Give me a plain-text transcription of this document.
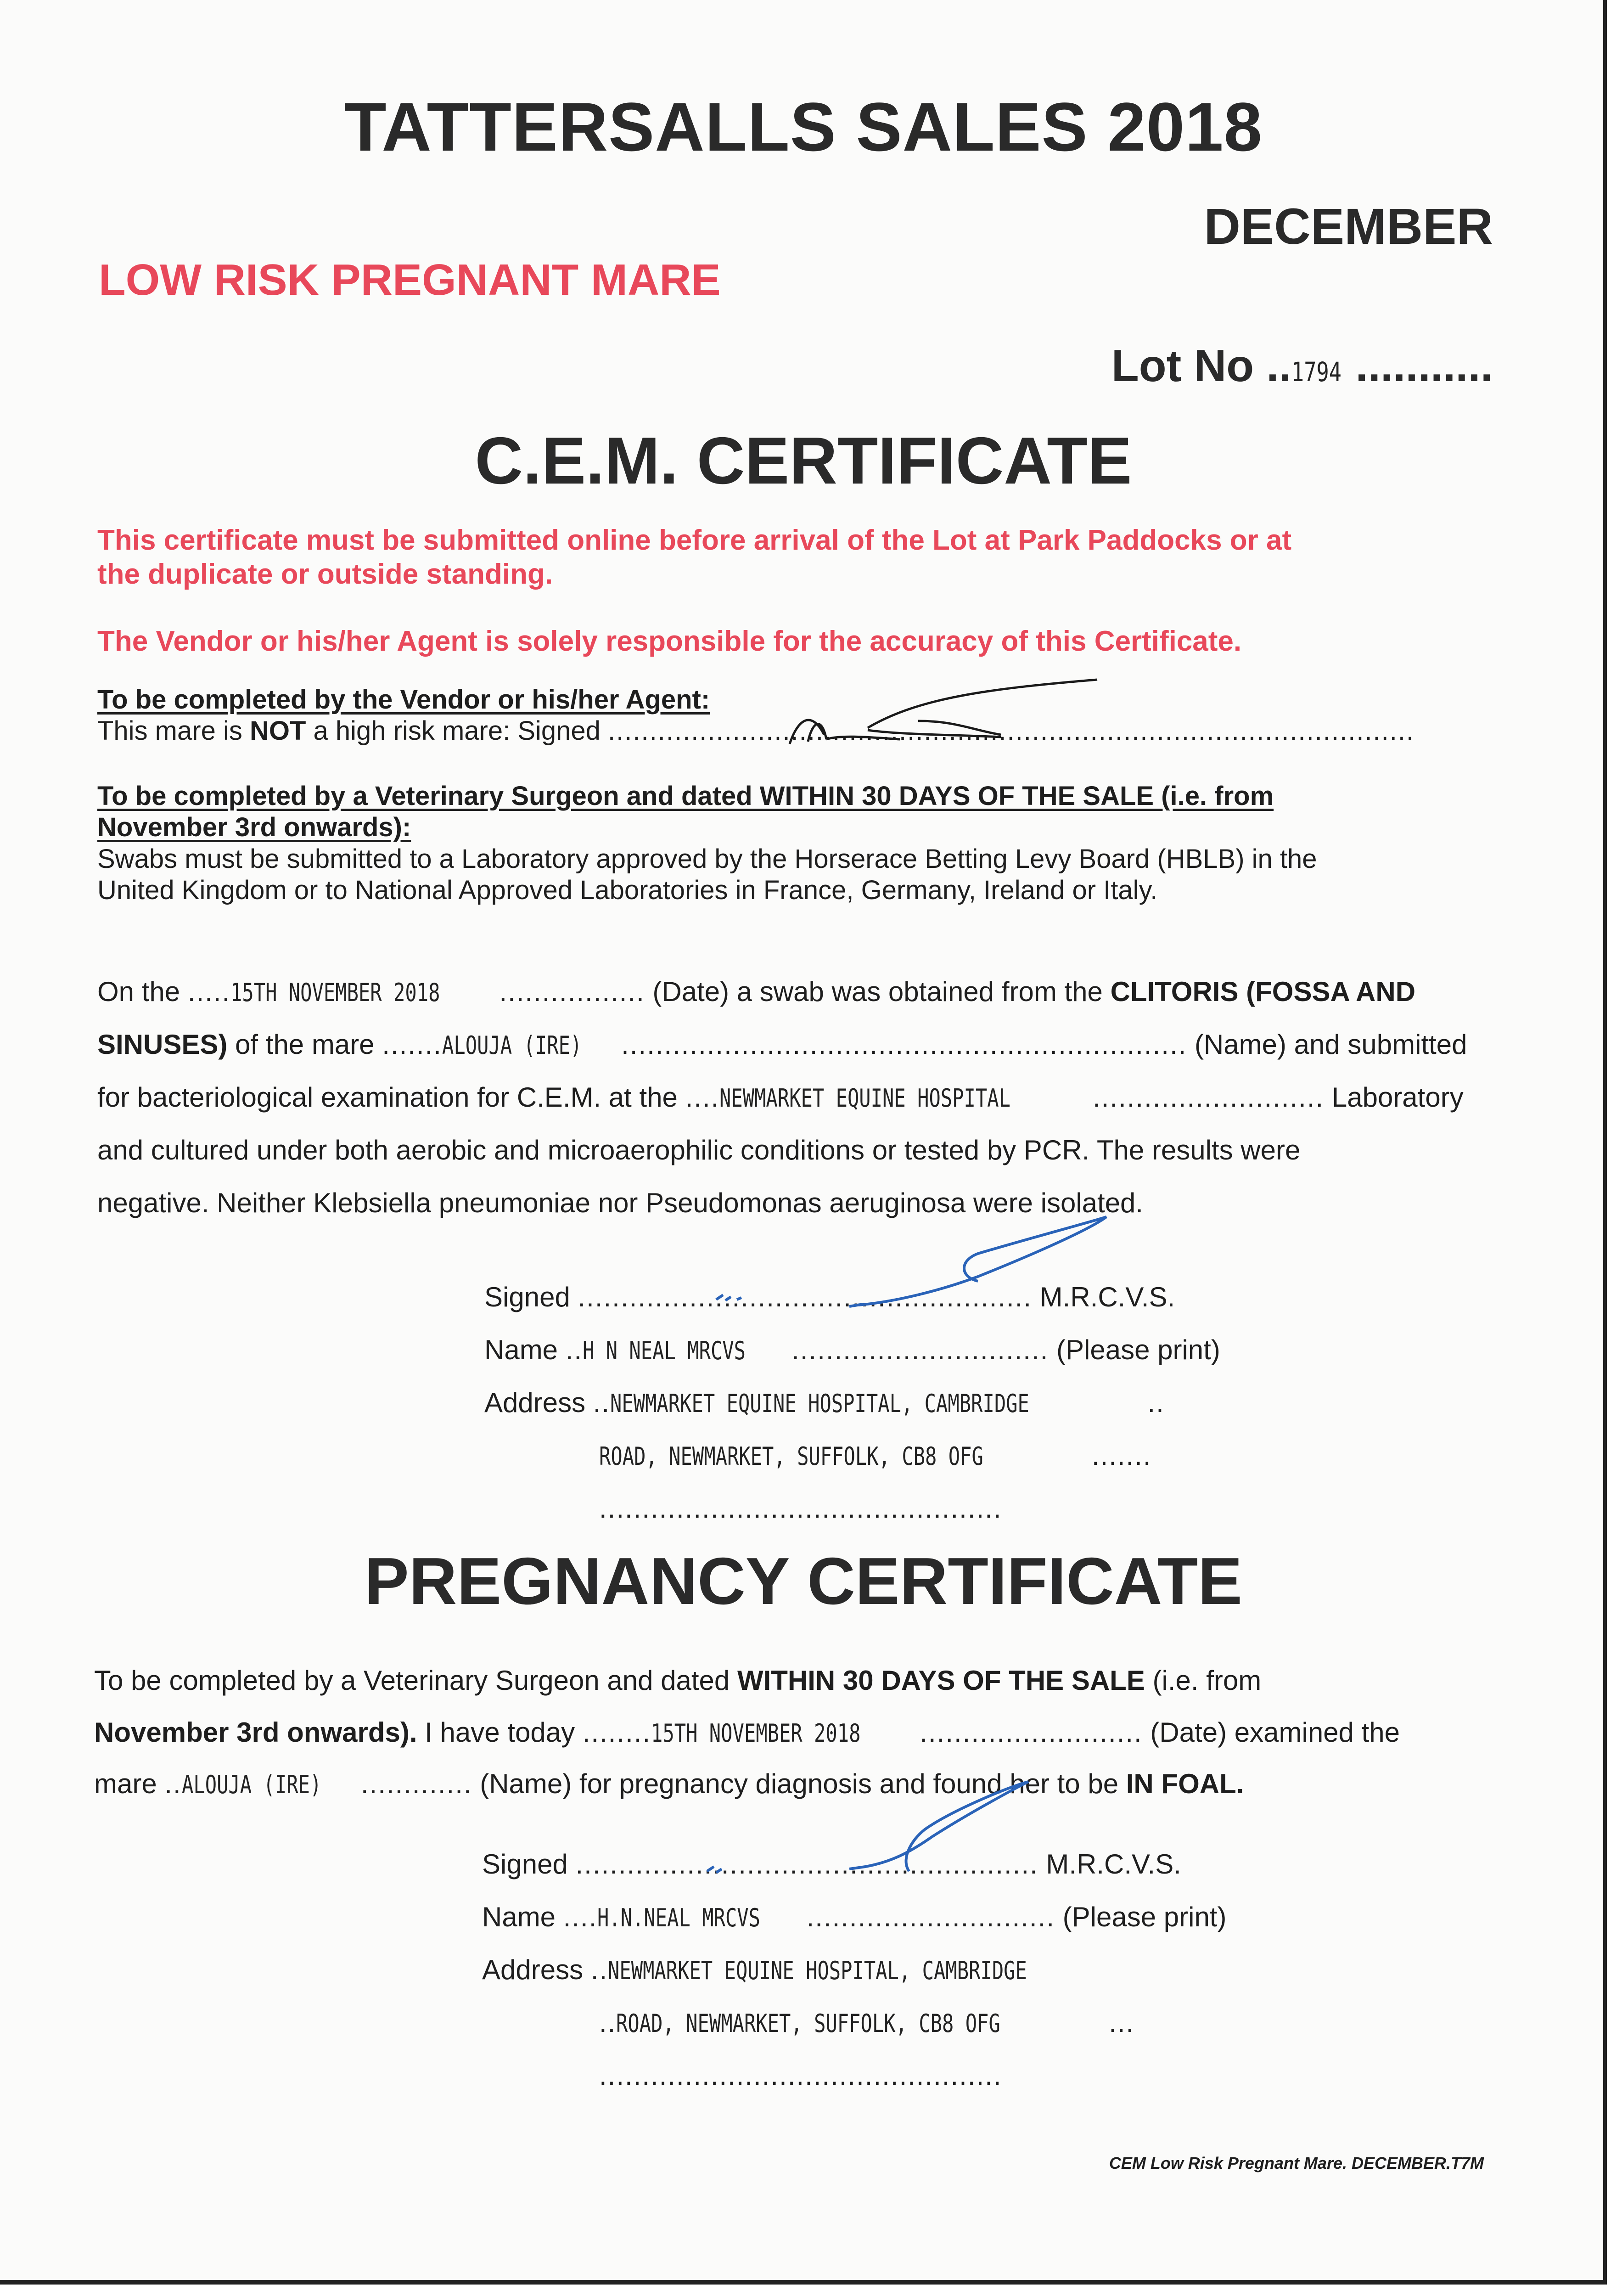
TATTERSALLS SALES 2018
DECEMBER
LOW RISK PREGNANT MARE
Lot No ..1794 ...........
C.E.M. CERTIFICATE
This certificate must be submitted online before arrival of the Lot at Park Paddocks or at
the duplicate or outside standing.
The Vendor or his/her Agent is solely responsible for the accuracy of this Certificate.
To be completed by the Vendor or his/her Agent:
This mare is NOT a high risk mare: Signed .................................................................................................
To be completed by a Veterinary Surgeon and dated WITHIN 30 DAYS OF THE SALE (i.e. from
November 3rd onwards):
Swabs must be submitted to a Laboratory approved by the Horserace Betting Levy Board (HBLB) in the
United Kingdom or to National Approved Laboratories in France, Germany, Ireland or Italy.
On the .....15TH NOVEMBER 2018 ................. (Date) a swab was obtained from the CLITORIS (FOSSA AND
SINUSES) of the mare .......ALOUJA (IRE) .................................................................. (Name) and submitted
for bacteriological examination for C.E.M. at the ....NEWMARKET EQUINE HOSPITAL	........................... Laboratory
and cultured under both aerobic and microaerophilic conditions or tested by PCR. The results were
negative. Neither Klebsiella pneumoniae nor Pseudomonas aeruginosa were isolated.
Signed ..................................................... M.R.C.V.S.
Name ..H N NEAL MRCVS .............................. (Please print)
Address ..NEWMARKET EQUINE HOSPITAL, CAMBRIDGE	..
ROAD, NEWMARKET, SUFFOLK, CB8 OFG	.......
...............................................
PREGNANCY CERTIFICATE
To be completed by a Veterinary Surgeon and dated WITHIN 30 DAYS OF THE SALE (i.e. from
November 3rd onwards). I have today ........15TH NOVEMBER 2018 .......................... (Date) examined the
mare ..ALOUJA (IRE) ............. (Name) for pregnancy diagnosis and found her to be IN FOAL.
Signed ...................................................... M.R.C.V.S.
Name ....H.N.NEAL MRCVS ............................. (Please print)
Address ..NEWMARKET EQUINE HOSPITAL, CAMBRIDGE
..ROAD, NEWMARKET, SUFFOLK, CB8 OFG	...
...............................................
CEM Low Risk Pregnant Mare. DECEMBER.T7M
